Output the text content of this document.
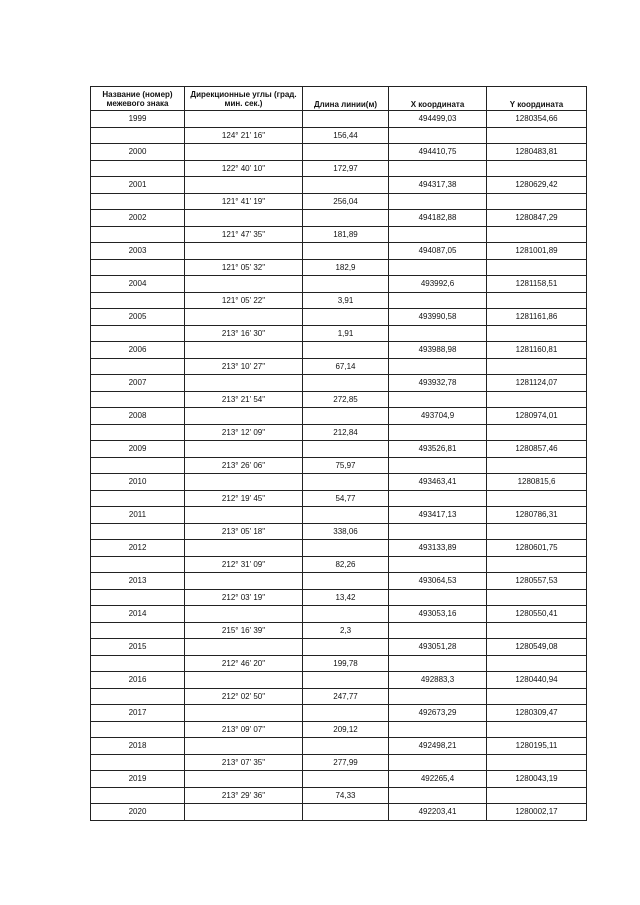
Название (номер) межевого знака	Дирекционные углы (град. мин. сек.)	Длина линии(м)	X координата	Y координата
1999			494499,03	1280354,66
	124° 21' 16"	156,44		
2000			494410,75	1280483,81
	122° 40' 10"	172,97		
2001			494317,38	1280629,42
	121° 41' 19"	256,04		
2002			494182,88	1280847,29
	121° 47' 35"	181,89		
2003			494087,05	1281001,89
	121° 05' 32"	182,9		
2004			493992,6	1281158,51
	121° 05' 22"	3,91		
2005			493990,58	1281161,86
	213° 16' 30"	1,91		
2006			493988,98	1281160,81
	213° 10' 27"	67,14		
2007			493932,78	1281124,07
	213° 21' 54"	272,85		
2008			493704,9	1280974,01
	213° 12' 09"	212,84		
2009			493526,81	1280857,46
	213° 26' 06"	75,97		
2010			493463,41	1280815,6
	212° 19' 45"	54,77		
2011			493417,13	1280786,31
	213° 05' 18"	338,06		
2012			493133,89	1280601,75
	212° 31' 09"	82,26		
2013			493064,53	1280557,53
	212° 03' 19"	13,42		
2014			493053,16	1280550,41
	215° 16' 39"	2,3		
2015			493051,28	1280549,08
	212° 46' 20"	199,78		
2016			492883,3	1280440,94
	212° 02' 50"	247,77		
2017			492673,29	1280309,47
	213° 09' 07"	209,12		
2018			492498,21	1280195,11
	213° 07' 35"	277,99		
2019			492265,4	1280043,19
	213° 29' 36"	74,33		
2020			492203,41	1280002,17
